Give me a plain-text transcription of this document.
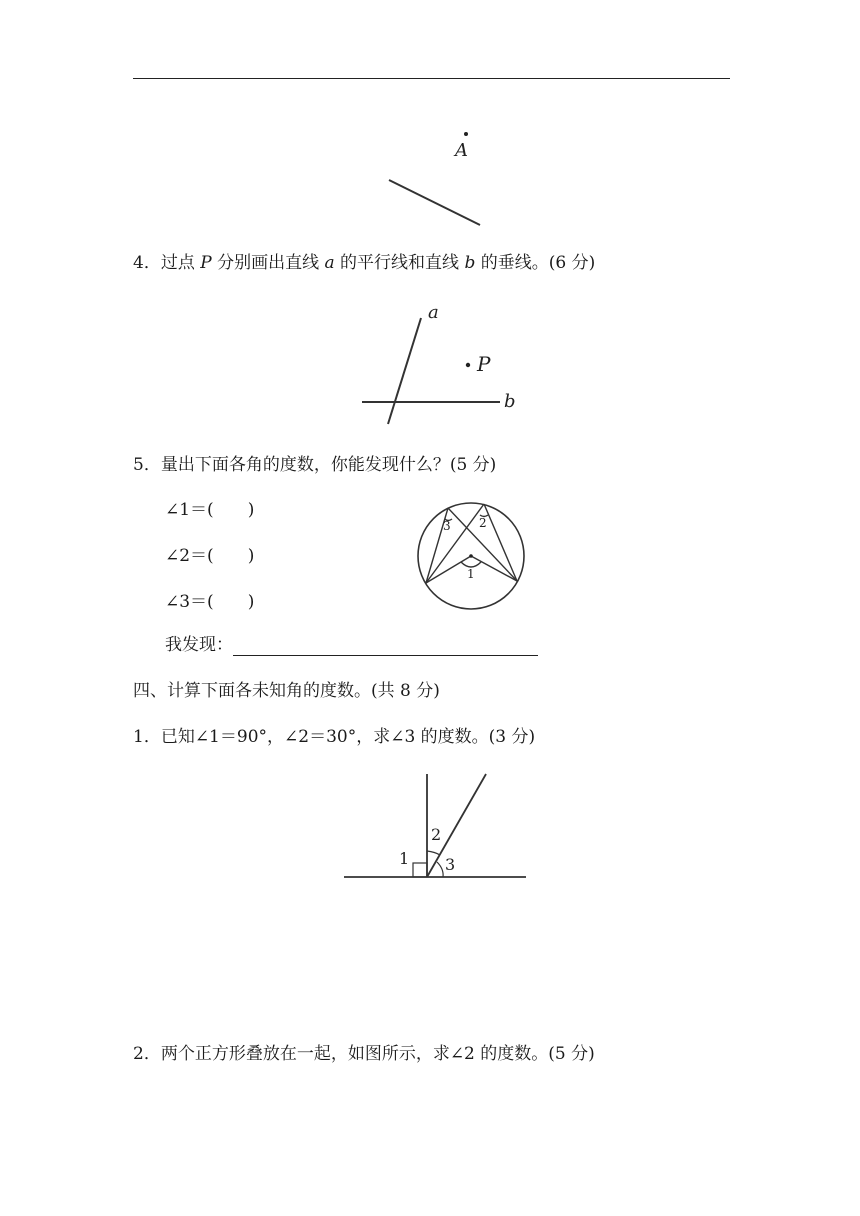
A
4．过点 P 分别画出直线 a 的平行线和直线 b 的垂线。(6 分)
a
P
b
5．量出下面各角的度数，你能发现什么？(5 分)
∠1＝(　　)
∠2＝(　　)
∠3＝(　　)
我发现：
1
2
3
四、计算下面各未知角的度数。(共 8 分)
1．已知∠1＝90°，∠2＝30°，求∠3 的度数。(3 分)
1
2
3
2．两个正方形叠放在一起，如图所示，求∠2 的度数。(5 分)
